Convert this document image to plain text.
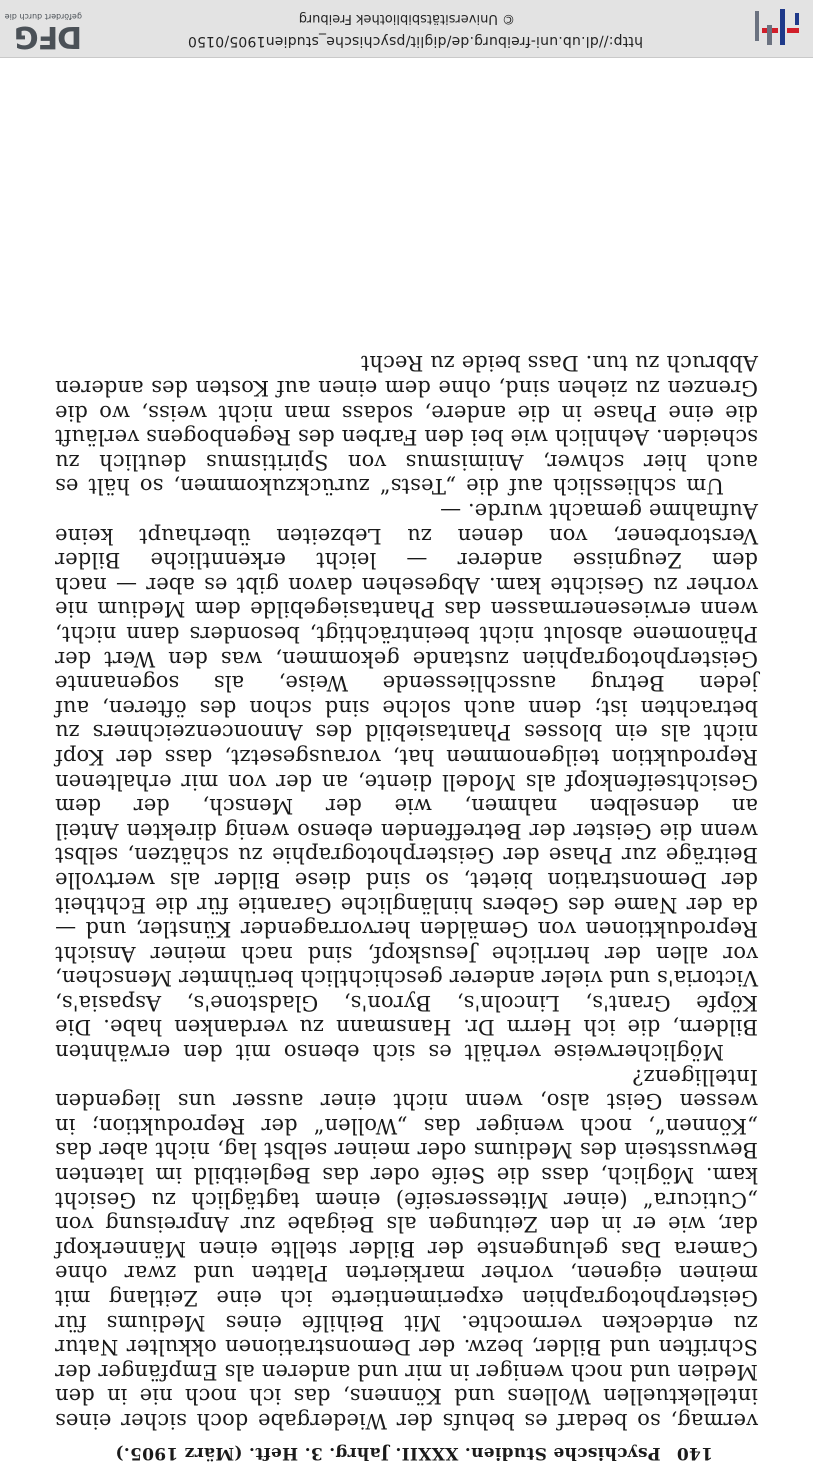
140Psychische Studien. XXXII. Jahrg. 3. Heft. (März 1905.)

vermag, so bedarf es behufs der Wiedergabe doch sicher eines intellektuellen Wollens und Könnens, das ich noch nie in den Medien und noch weniger in mir und anderen als Empfänger der Schriften und Bilder, bezw. der Demonstrationen okkulter Natur zu entdecken vermochte. Mit Beihilfe eines Mediums für Geisterphotographien experimentierte ich eine Zeitlang mit meinen eigenen, vorher markierten Platten und zwar ohne Camera Das gelungenste der Bilder stellte einen Männerkopf dar, wie er in den Zeitungen als Beigabe zur Anpreisung von „Cuticura“ (einer Mitesserseife) einem tagtäglich zu Gesicht kam. Möglich, dass die Seife oder das Begleitbild im latenten Bewusstsein des Mediums oder meiner selbst lag, nicht aber das „Können“, noch weniger das „Wollen“ der Reproduktion; in wessen Geist also, wenn nicht einer ausser uns liegenden Intelligenz?

Möglicherweise verhält es sich ebenso mit den erwähnten Bildern, die ich Herrn Dr. Hansmann zu verdanken habe. Die Köpfe Grant's, Lincoln's, Byron's, Gladstone's, Aspasia's, Victoria's und vieler anderer geschichtlich berühmter Menschen, vor allen der herrliche Jesuskopf, sind nach meiner Ansicht Reproduktionen von Gemälden hervorragender Künstler, und — da der Name des Gebers hinlängliche Garantie für die Echtheit der Demonstration bietet, so sind diese Bilder als wertvolle Beiträge zur Phase der Geisterphotographie zu schätzen, selbst wenn die Geister der Betreffenden ebenso wenig direkten Anteil an denselben nahmen, wie der Mensch, der dem Gesichtseifenkopf als Modell diente, an der von mir erhaltenen Reproduktion teilgenommen hat, vorausgesetzt, dass der Kopf nicht als ein blosses Phantasiebild des Annoncenzeichners zu betrachten ist; denn auch solche sind schon des öfteren, auf jeden Betrug ausschliessende Weise, als sogenannte Geisterphotographien zustande gekommen, was den Wert der Phänomene absolut nicht beeinträchtigt, besonders dann nicht, wenn erwiesenermassen das Phantasiegebilde dem Medium nie vorher zu Gesichte kam. Abgesehen davon gibt es aber — nach dem Zeugnisse anderer — leicht erkenntliche Bilder Verstorbener, von denen zu Lebzeiten überhaupt keine Aufnahme gemacht wurde. —

Um schliesslich auf die „Tests“ zurückzukommen, so hält es auch hier schwer, Animismus von Spiritismus deutlich zu scheiden. Aehnlich wie bei den Farben des Regenbogens verläuft die eine Phase in die andere, sodass man nicht weiss, wo die Grenzen zu ziehen sind, ohne dem einen auf Kosten des anderen Abbruch zu tun. Dass beide zu Recht

http://dl.ub.uni-freiburg.de/diglit/psychische_studien1905/0150
© Universitätsbibliothek Freiburg
DFG
gefördert durch die
